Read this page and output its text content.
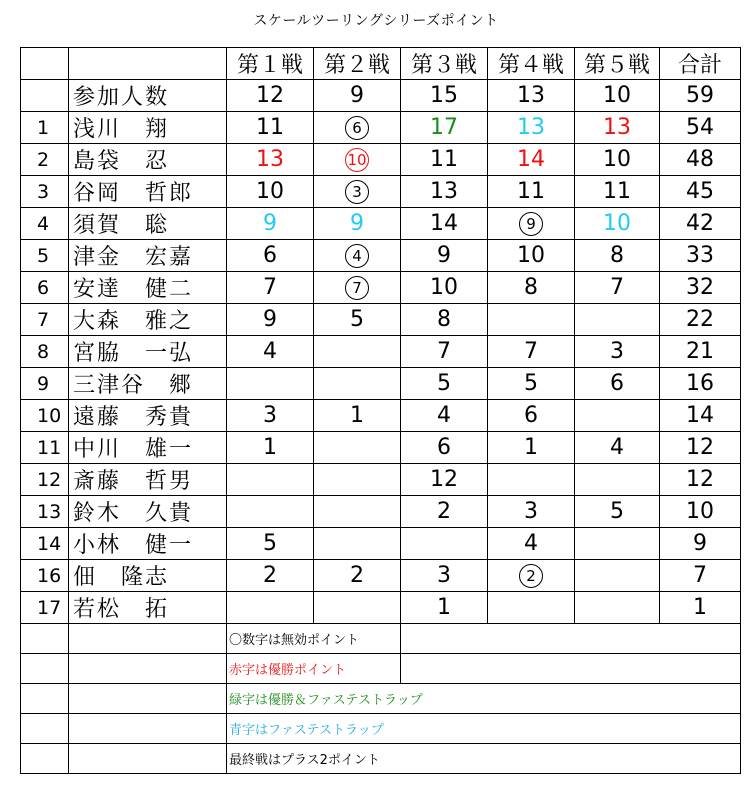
スケールツーリングシリーズポイント
		第１戦	第２戦	第３戦	第４戦	第５戦	合計
	参加人数	12	9	15	13	10	59
1	浅川　翔	11	6	17	13	13	54
2	島袋　忍	13	10	11	14	10	48
3	谷岡　哲郎	10	3	13	11	11	45
4	須賀　聡	9	9	14	9	10	42
5	津金　宏嘉	6	4	9	10	8	33
6	安達　健二	7	7	10	8	7	32
7	大森　雅之	9	5	8			22
8	宮脇　一弘	4		7	7	3	21
9	三津谷　郷			5	5	6	16
10	遠藤　秀貴	3	1	4	6		14
11	中川　雄一	1		6	1	4	12
12	斎藤　哲男			12			12
13	鈴木　久貴			2	3	5	10
14	小林　健一	5			4		9
16	佃　隆志	2	2	3	2		7
17	若松　拓			1			1
		〇数字は無効ポイント					
		赤字は優勝ポイント					
		緑字は優勝＆ファステストラップ					
		青字はファステストラップ					
		最終戦はプラス2ポイント					
